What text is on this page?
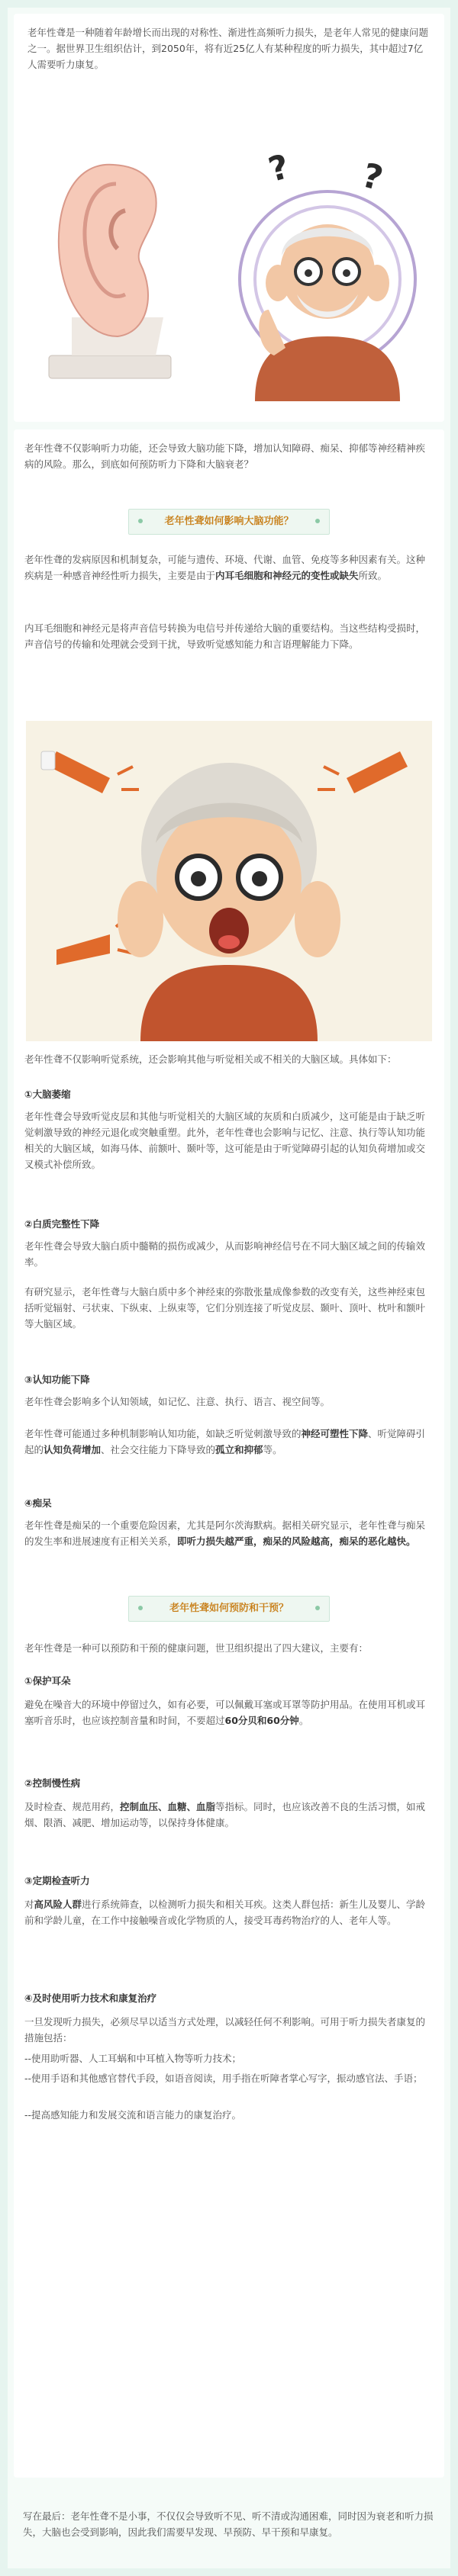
老年性聋是一种随着年龄增长而出现的对称性、渐进性高频听力损失，是老年人常见的健康问题之一。据世界卫生组织估计，到2050年，将有近25亿人有某种程度的听力损失，其中超过7亿人需要听力康复。

? ?

老年性聋不仅影响听力功能，还会导致大脑功能下降，增加认知障碍、痴呆、抑郁等神经精神疾病的风险。那么，到底如何预防听力下降和大脑衰老？

老年性聋如何影响大脑功能？

老年性聋的发病原因和机制复杂，可能与遗传、环境、代谢、血管、免疫等多种因素有关。这种疾病是一种感音神经性听力损失，主要是由于内耳毛细胞和神经元的变性或缺失所致。

内耳毛细胞和神经元是将声音信号转换为电信号并传递给大脑的重要结构。当这些结构受损时，声音信号的传输和处理就会受到干扰，导致听觉感知能力和言语理解能力下降。

老年性聋不仅影响听觉系统，还会影响其他与听觉相关或不相关的大脑区域。具体如下：

①大脑萎缩

老年性聋会导致听觉皮层和其他与听觉相关的大脑区域的灰质和白质减少，这可能是由于缺乏听觉刺激导致的神经元退化或突触重塑。此外，老年性聋也会影响与记忆、注意、执行等认知功能相关的大脑区域，如海马体、前额叶、颞叶等，这可能是由于听觉障碍引起的认知负荷增加或交叉模式补偿所致。

②白质完整性下降

老年性聋会导致大脑白质中髓鞘的损伤或减少，从而影响神经信号在不同大脑区域之间的传输效率。

有研究显示，老年性聋与大脑白质中多个神经束的弥散张量成像参数的改变有关，这些神经束包括听觉辐射、弓状束、下纵束、上纵束等，它们分别连接了听觉皮层、颞叶、顶叶、枕叶和额叶等大脑区域。

③认知功能下降

老年性聋会影响多个认知领域，如记忆、注意、执行、语言、视空间等。

老年性聋可能通过多种机制影响认知功能，如缺乏听觉刺激导致的神经可塑性下降、听觉障碍引起的认知负荷增加、社会交往能力下降导致的孤立和抑郁等。

④痴呆

老年性聋是痴呆的一个重要危险因素，尤其是阿尔茨海默病。据相关研究显示，老年性聋与痴呆的发生率和进展速度有正相关关系，即听力损失越严重，痴呆的风险越高，痴呆的恶化越快。

老年性聋如何预防和干预？

老年性聋是一种可以预防和干预的健康问题，世卫组织提出了四大建议，主要有：

①保护耳朵

避免在噪音大的环境中停留过久，如有必要，可以佩戴耳塞或耳罩等防护用品。在使用耳机或耳塞听音乐时，也应该控制音量和时间，不要超过60分贝和60分钟。

②控制慢性病

及时检查、规范用药，控制血压、血糖、血脂等指标。同时，也应该改善不良的生活习惯，如戒烟、限酒、减肥、增加运动等，以保持身体健康。

③定期检查听力

对高风险人群进行系统筛查，以检测听力损失和相关耳疾。这类人群包括：新生儿及婴儿、学龄前和学龄儿童，在工作中接触噪音或化学物质的人，接受耳毒药物治疗的人、老年人等。

④及时使用听力技术和康复治疗

一旦发现听力损失，必须尽早以适当方式处理，以减轻任何不利影响。可用于听力损失者康复的措施包括：

--使用助听器、人工耳蜗和中耳植入物等听力技术；

--使用手语和其他感官替代手段，如语音阅读，用手指在听障者掌心写字，振动感官法、手语；

--提高感知能力和发展交流和语言能力的康复治疗。

写在最后：老年性聋不是小事，不仅仅会导致听不见、听不清或沟通困难，同时因为衰老和听力损失，大脑也会受到影响，因此我们需要早发现、早预防、早干预和早康复。
